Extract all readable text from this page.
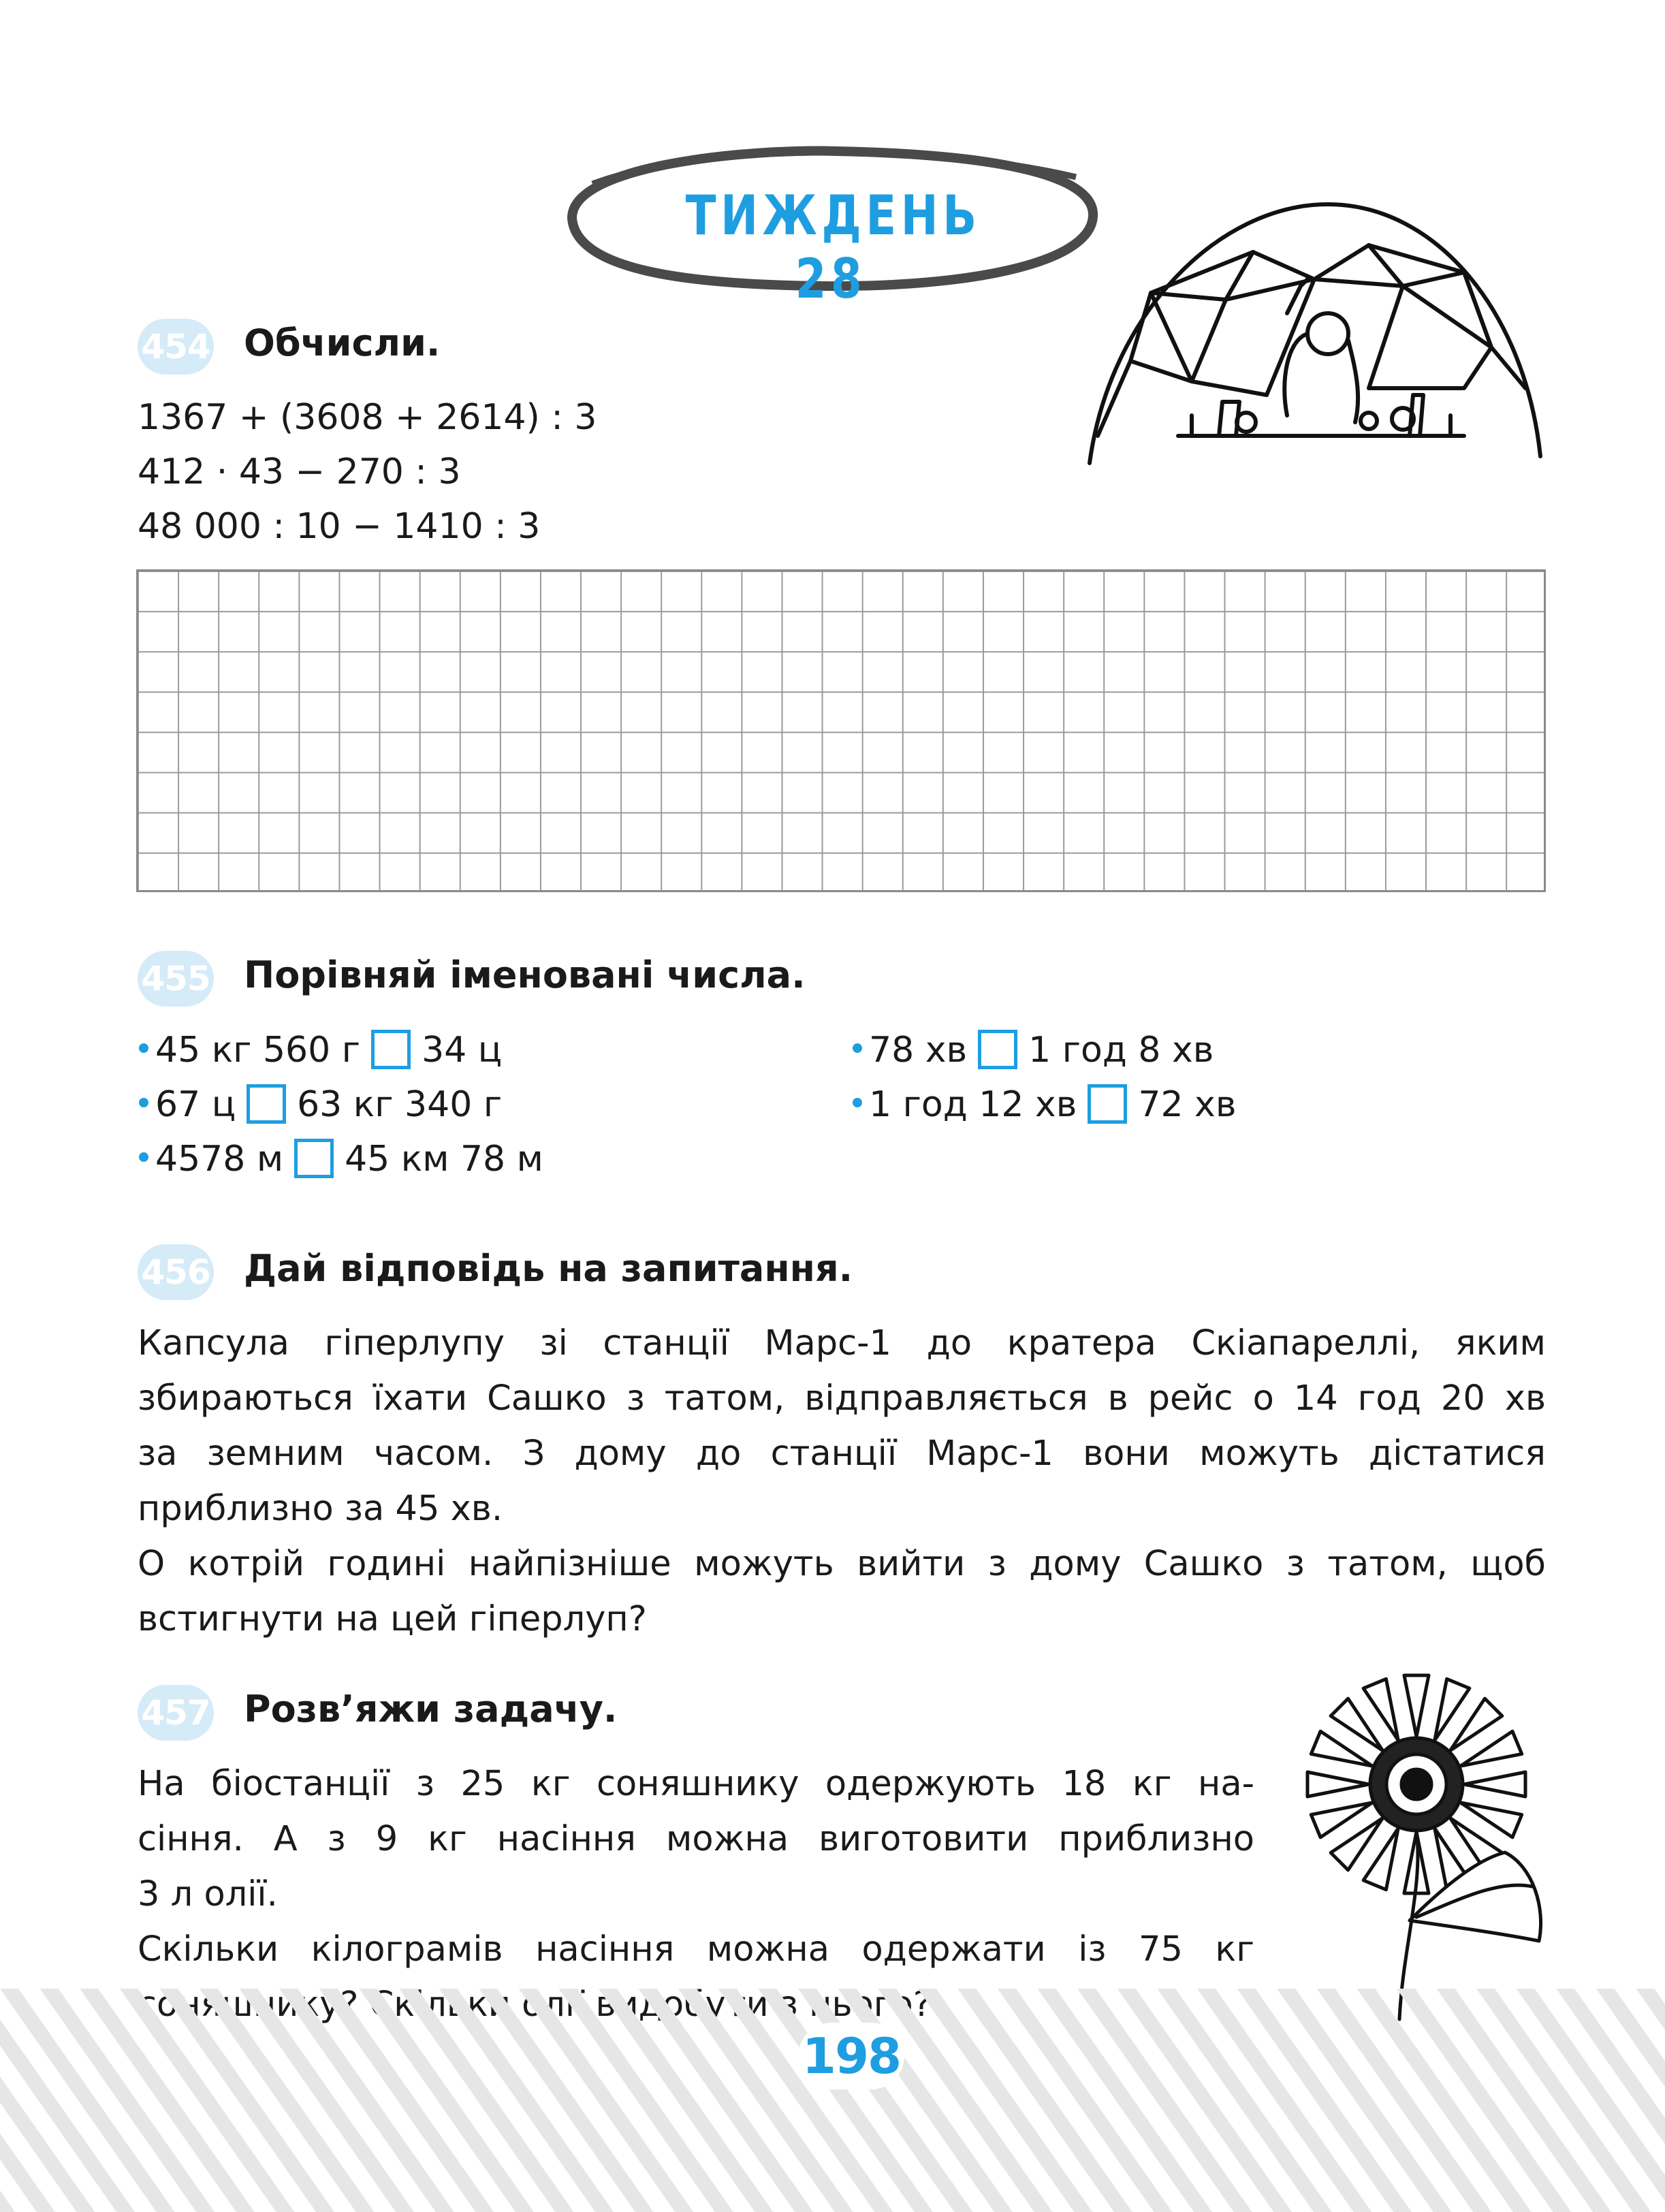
ТИЖДЕНЬ 28
454 Обчисли.
1367 + (3608 + 2614) : 3
412 · 43 − 270 : 3
48 000 : 10 − 1410 : 3
455 Порівняй іменовані числа.
45 кг 560 г 34 ц
67 ц 63 кг 340 г
4578 м 45 км 78 м
78 хв 1 год 8 хв
1 год 12 хв 72 хв
456 Дай відповідь на запитання.
Капсула гіперлупу зі станції Марс-1 до кратера Скіапареллі, яким
збираються їхати Сашко з татом, відправляється в рейс о 14 год 20 хв
за земним часом. З дому до станції Марс-1 вони можуть дістатися
приблизно за 45 хв.
О котрій годині найпізніше можуть вийти з дому Сашко з татом, щоб
встигнути на цей гіперлуп?
457 Розв’яжи задачу.
На біостанції з 25 кг соняшнику одержують 18 кг на-
сіння. А з 9 кг насіння можна виготовити приблизно
3 л олії.
Скільки кілограмів насіння можна одержати із 75 кг
198
